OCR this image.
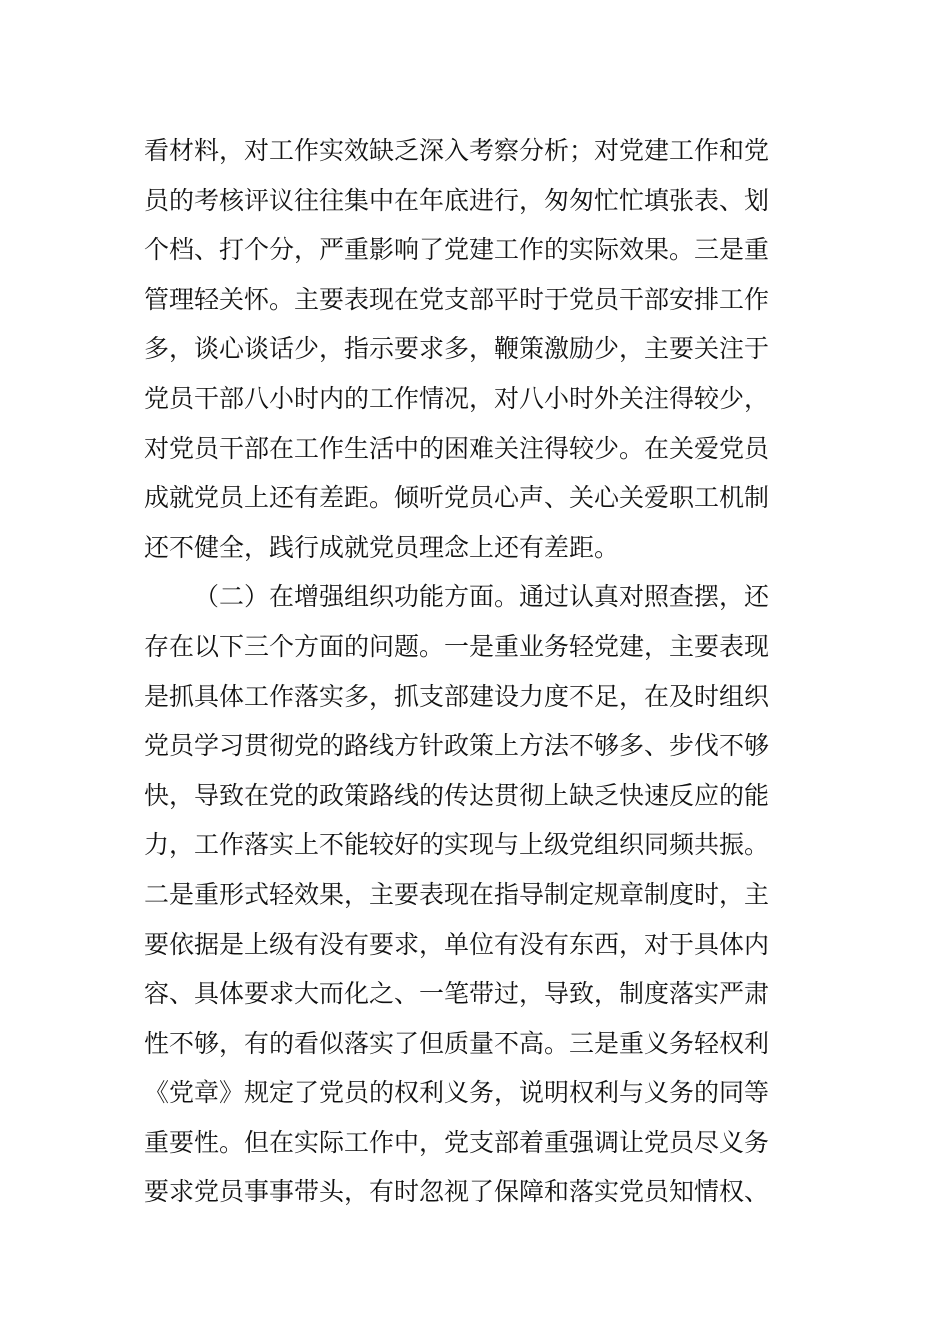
看材料，对工作实效缺乏深入考察分析；对党建工作和党
员的考核评议往往集中在年底进行，匆匆忙忙填张表、划
个档、打个分，严重影响了党建工作的实际效果。三是重
管理轻关怀。主要表现在党支部平时于党员干部安排工作
多，谈心谈话少，指示要求多，鞭策激励少，主要关注于
党员干部八小时内的工作情况，对八小时外关注得较少，
对党员干部在工作生活中的困难关注得较少。在关爱党员
成就党员上还有差距。倾听党员心声、关心关爱职工机制
还不健全，践行成就党员理念上还有差距。
（二）在增强组织功能方面。通过认真对照查摆，还
存在以下三个方面的问题。一是重业务轻党建，主要表现
是抓具体工作落实多，抓支部建设力度不足，在及时组织
党员学习贯彻党的路线方针政策上方法不够多、步伐不够
快，导致在党的政策路线的传达贯彻上缺乏快速反应的能
力，工作落实上不能较好的实现与上级党组织同频共振。
二是重形式轻效果，主要表现在指导制定规章制度时，主
要依据是上级有没有要求，单位有没有东西，对于具体内
容、具体要求大而化之、一笔带过，导致，制度落实严肃
性不够，有的看似落实了但质量不高。三是重义务轻权利
《党章》规定了党员的权利义务，说明权利与义务的同等
重要性。但在实际工作中，党支部着重强调让党员尽义务
要求党员事事带头，有时忽视了保障和落实党员知情权、
